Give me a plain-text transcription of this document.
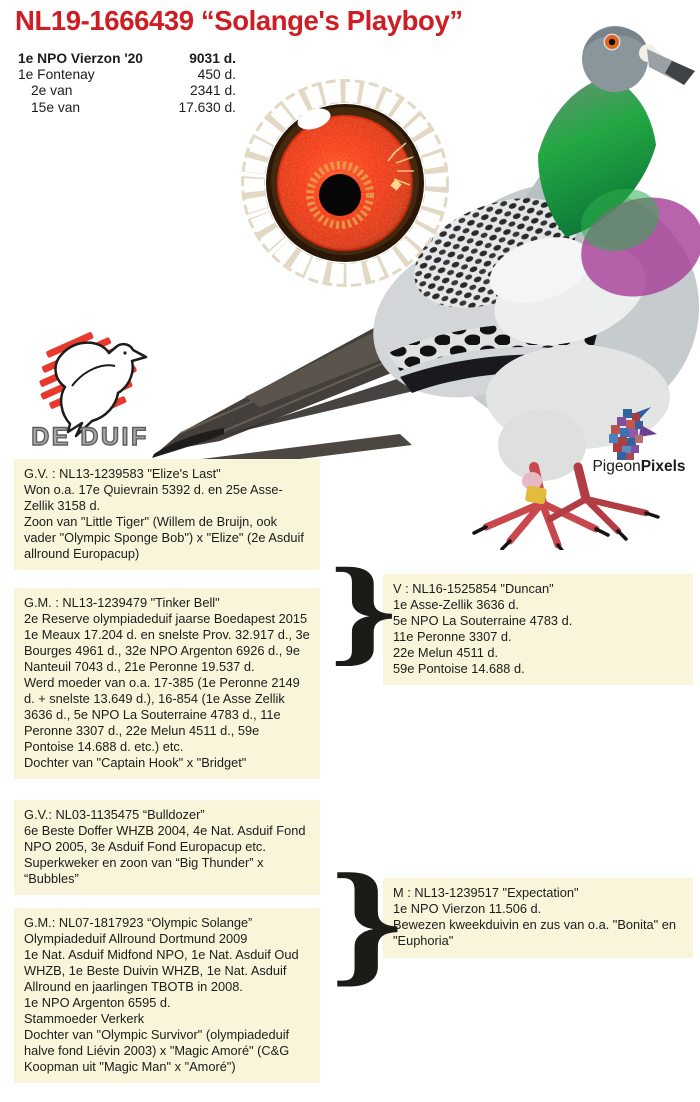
NL19-1666439 “Solange's Playboy”
1e NPO Vierzon '20	9031 d.
1e Fontenay	450 d.
2e van	2341 d.
15e van	17.630 d.
DE DUIF
PigeonPixels

G.V. : NL13-1239583 "Elize's Last"

Won o.a. 17e Quievrain 5392 d. en 25e Asse-Zellik 3158 d.

Zoon van "Little Tiger" (Willem de Bruijn, ook vader "Olympic Sponge Bob") x "Elize" (2e Asduif allround Europacup)

G.M. : NL13-1239479 "Tinker Bell"

2e Reserve olympiadeduif jaarse Boedapest 2015

1e Meaux 17.204 d. en snelste Prov. 32.917 d., 3e Bourges 4961 d., 32e NPO Argenton 6926 d., 9e Nanteuil 7043 d., 21e Peronne 19.537 d.

Werd moeder van o.a. 17-385 (1e Peronne 2149 d. + snelste 13.649 d.), 16-854 (1e Asse Zellik 3636 d., 5e NPO La Souterraine 4783 d., 11e Peronne 3307 d., 22e Melun 4511 d., 59e Pontoise 14.688 d. etc.) etc.

Dochter van "Captain Hook" x "Bridget"

V : NL16-1525854 "Duncan"

1e Asse-Zellik 3636 d.

5e NPO La Souterraine 4783 d.

11e Peronne 3307 d.

22e Melun 4511 d.

59e Pontoise 14.688 d.

G.V.: NL03-1135475 “Bulldozer”

6e Beste Doffer WHZB 2004, 4e Nat. Asduif Fond NPO 2005, 3e Asduif Fond Europacup etc.

Superkweker en zoon van “Big Thunder” x “Bubbles”

G.M.: NL07-1817923 “Olympic Solange”

Olympiadeduif Allround Dortmund 2009

1e Nat. Asduif Midfond NPO, 1e Nat. Asduif Oud WHZB, 1e Beste Duivin WHZB, 1e Nat. Asduif Allround en jaarlingen TBOTB in 2008.

1e NPO Argenton 6595 d.

Stammoeder Verkerk

Dochter van "Olympic Survivor" (olympiadeduif halve fond Liévin 2003) x "Magic Amoré" (C&G Koopman uit "Magic Man" x "Amoré")

M : NL13-1239517 "Expectation"

1e NPO Vierzon 11.506 d.

Bewezen kweekduivin en zus van o.a. "Bonita" en "Euphoria"

}
}
